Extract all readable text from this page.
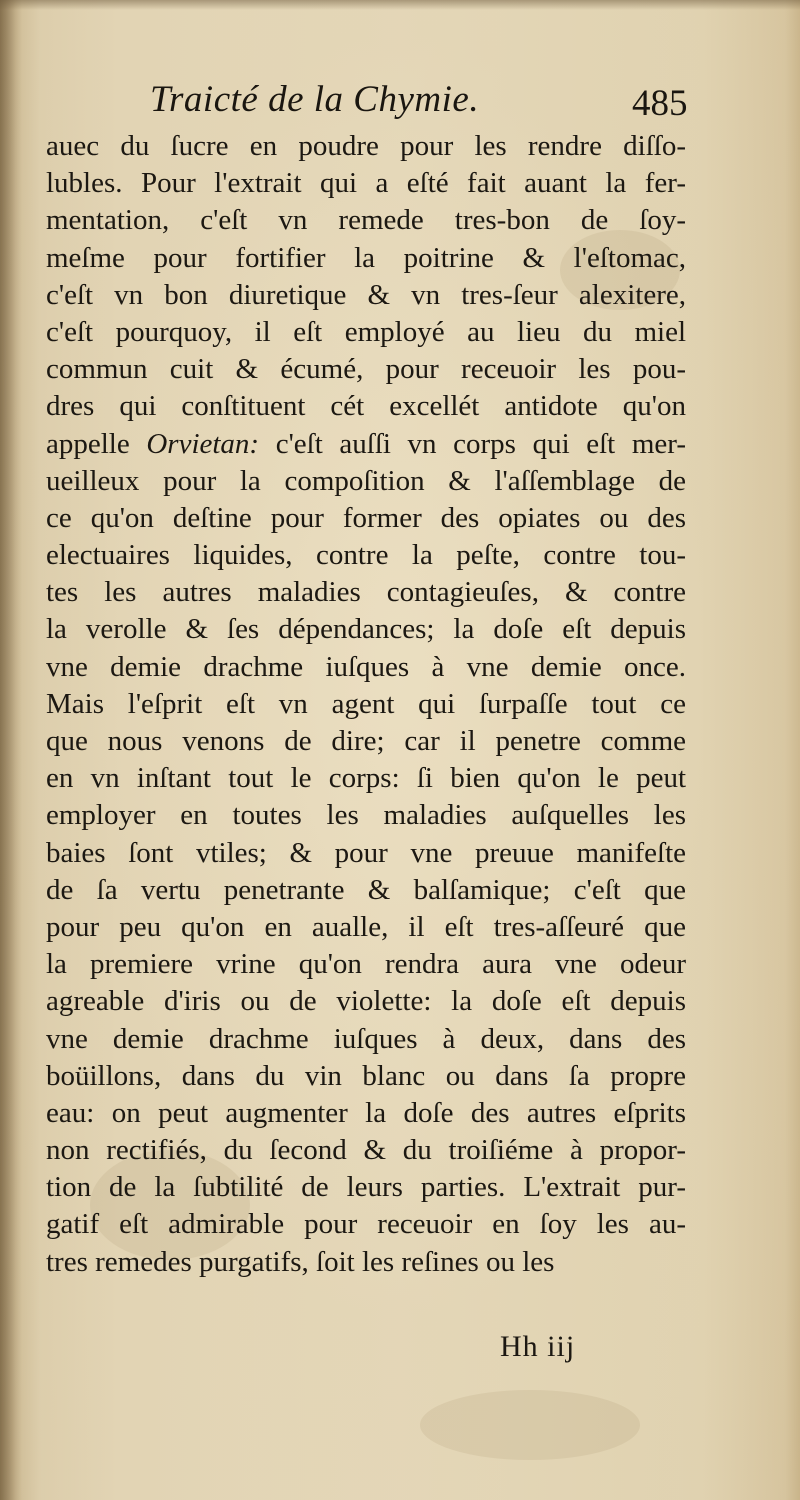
Traicté de la Chymie.	485
auec du ſucre en poudre pour les rendre diſſo-
lubles. Pour l'extrait qui a eſté fait auant la fer-
mentation, c'eſt vn remede tres-bon de ſoy-
meſme pour fortifier la poitrine & l'eſtomac,
c'eſt vn bon diuretique & vn tres-ſeur alexitere,
c'eſt pourquoy, il eſt employé au lieu du miel
commun cuit & écumé, pour receuoir les pou-
dres qui conſtituent cét excellét antidote qu'on
appelle Orvietan: c'eſt auſſi vn corps qui eſt mer-
ueilleux pour la compoſition & l'aſſemblage de
ce qu'on deſtine pour former des opiates ou des
electuaires liquides, contre la peſte, contre tou-
tes les autres maladies contagieuſes, & contre
la verolle & ſes dépendances; la doſe eſt depuis
vne demie drachme iuſques à vne demie once.
Mais l'eſprit eſt vn agent qui ſurpaſſe tout ce
que nous venons de dire; car il penetre comme
en vn inſtant tout le corps: ſi bien qu'on le peut
employer en toutes les maladies auſquelles les
baies ſont vtiles; & pour vne preuue manifeſte
de ſa vertu penetrante & balſamique; c'eſt que
pour peu qu'on en aualle, il eſt tres-aſſeuré que
la premiere vrine qu'on rendra aura vne odeur
agreable d'iris ou de violette: la doſe eſt depuis
vne demie drachme iuſques à deux, dans des
boüillons, dans du vin blanc ou dans ſa propre
eau: on peut augmenter la doſe des autres eſprits
non rectifiés, du ſecond & du troiſiéme à propor-
tion de la ſubtilité de leurs parties. L'extrait pur-
gatif eſt admirable pour receuoir en ſoy les au-
tres remedes purgatifs, ſoit les reſines ou les
Hh iij
